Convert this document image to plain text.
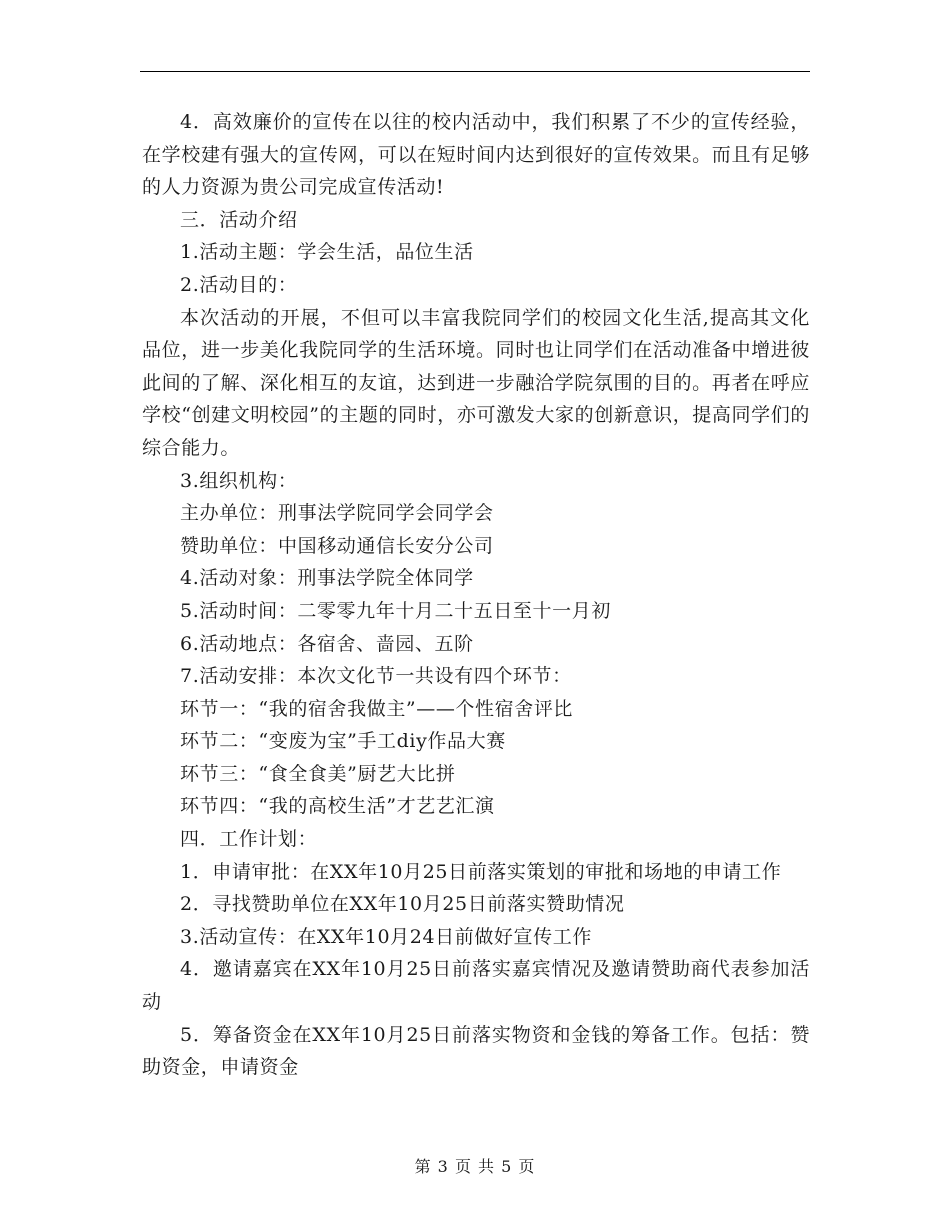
4．高效廉价的宣传在以往的校内活动中，我们积累了不少的宣传经验，在学校建有强大的宣传网，可以在短时间内达到很好的宣传效果。而且有足够的人力资源为贵公司完成宣传活动!

三．活动介绍

1.活动主题：学会生活，品位生活

2.活动目的：

本次活动的开展，不但可以丰富我院同学们的校园文化生活,提高其文化品位，进一步美化我院同学的生活环境。同时也让同学们在活动准备中增进彼此间的了解、深化相互的友谊，达到进一步融洽学院氛围的目的。再者在呼应学校“创建文明校园”的主题的同时，亦可激发大家的创新意识，提高同学们的综合能力。

3.组织机构：

主办单位：刑事法学院同学会同学会

赞助单位：中国移动通信长安分公司

4.活动对象：刑事法学院全体同学

5.活动时间：二零零九年十月二十五日至十一月初

6.活动地点：各宿舍、啬园、五阶

7.活动安排：本次文化节一共设有四个环节：

环节一：“我的宿舍我做主”——个性宿舍评比

环节二：“变废为宝”手工diy作品大赛

环节三：“食全食美”厨艺大比拼

环节四：“我的高校生活”才艺艺汇演

四．工作计划：

1．申请审批：在XX年10月25日前落实策划的审批和场地的申请工作

2．寻找赞助单位在XX年10月25日前落实赞助情况

3.活动宣传：在XX年10月24日前做好宣传工作

4．邀请嘉宾在XX年10月25日前落实嘉宾情况及邀请赞助商代表参加活动

5．筹备资金在XX年10月25日前落实物资和金钱的筹备工作。包括：赞助资金，申请资金

第 3 页 共 5 页
